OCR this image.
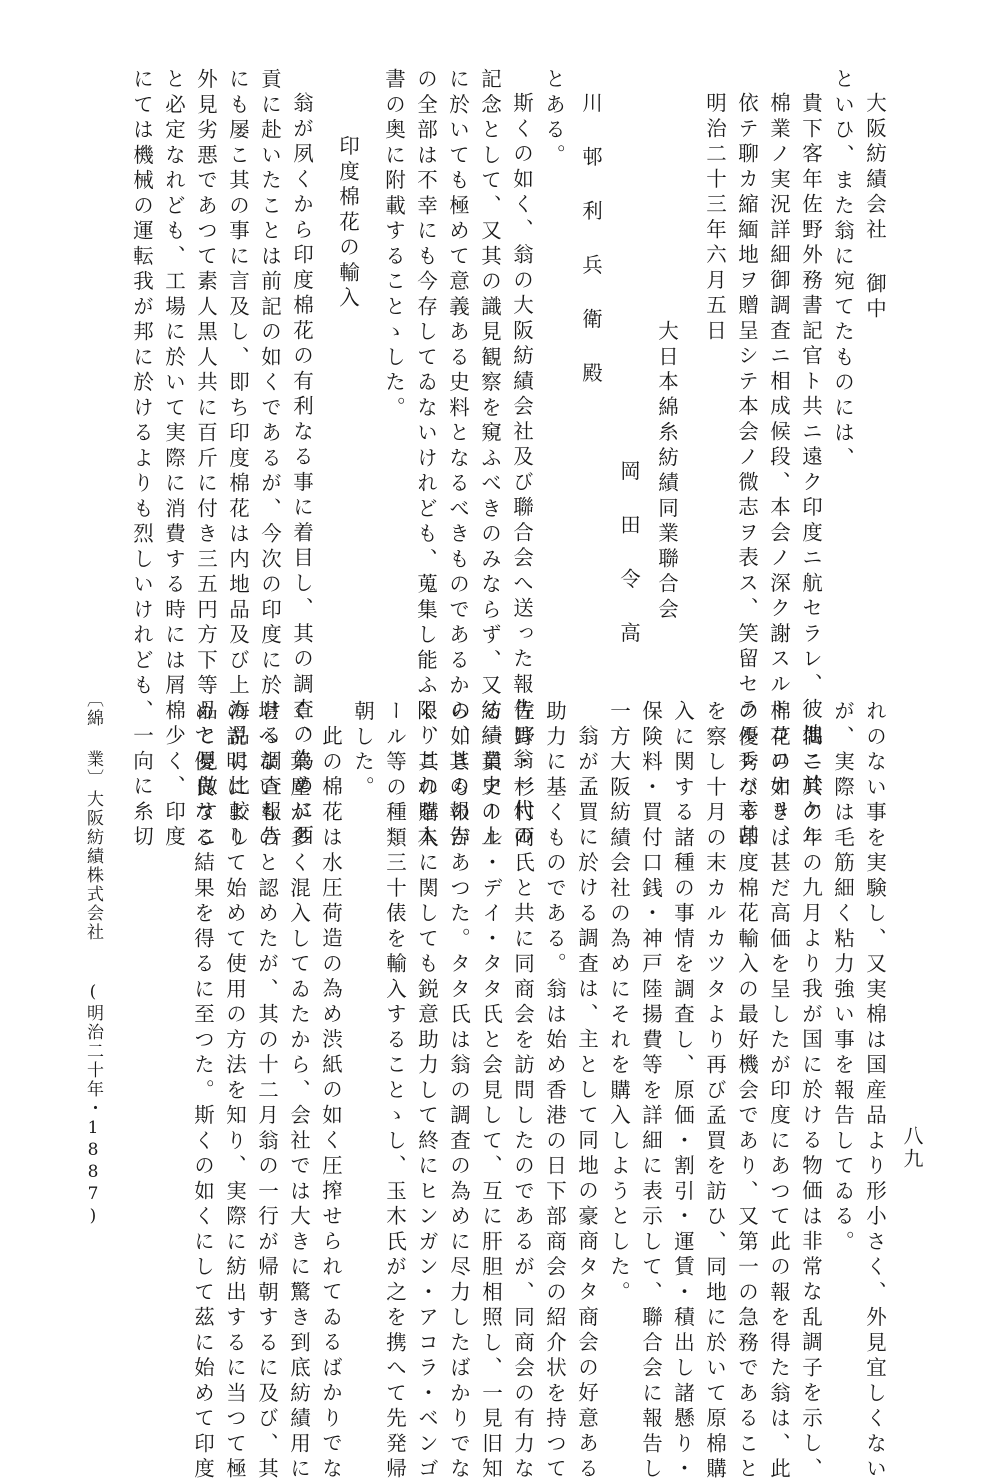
大阪紡績会社 御中
といひ、また翁に宛てたものには、
貴下客年佐野外務書記官ト共ニ遠ク印度ニ航セラレ、彼地ニ於ケル
棉業ノ実況詳細御調査ニ相成候段、本会ノ深ク謝スルトコロナリ、
依テ聊カ縮緬地ヲ贈呈シテ本会ノ微志ヲ表ス、笑留セラルレバ幸甚
明治二十三年六月五日
大日本綿糸紡績同業聯合会
岡 田 令 高
川 邨 利 兵 衛 殿
とある。
斯くの如く、翁の大阪紡績会社及び聯合会へ送った報告は翁一代の
記念として、又其の識見観察を窺ふべきのみならず、又紡績業史の上
に於いても極めて意義ある史料となるべきものであるから、其の報告
の全部は不幸にも今存してゐないけれども、蒐集し能ふ限りこれを本
書の奥に附載することゝした。
印度棉花の輸入
翁が夙くから印度棉花の有利なる事に着目し、其の調査の為めに西
貢に赴いたことは前記の如くであるが、今次の印度に於ける調査報告
にも屡こ其の事に言及し、即ち印度棉花は内地品及び上海品に比較し
外見劣悪であつて素人黒人共に百斤に付き三五円方下等品と見做すこ
と必定なれども、工場に於いて実際に消費する時には屑棉少く、印度
にては機械の運転我が邦に於けるよりも烈しいけれども、一向に糸切
〔綿 業〕
大阪紡績株式会社
(明治二十年・1887)	れのない事を実験し、又実棉は国産品より形小さく、外見宜しくない
が、実際は毛筋細く粘力強い事を報告してゐる。
偶こ其の年の九月より我が国に於ける物価は非常な乱調子を示し、
棉花の如きは甚だ高価を呈したが印度にあつて此の報を得た翁は、此
の優秀なる印度棉花輸入の最好機会であり、又第一の急務であること
を察し十月の末カルカツタより再び孟買を訪ひ、同地に於いて原棉購
入に関する諸種の事情を調査し、原価・割引・運賃・積出し諸懸り・
保険料・買付口銭・神戸陸揚費等を詳細に表示して、聯合会に報告し
一方大阪紡績会社の為めにそれを購入しようとした。
翁が孟買に於ける調査は、主として同地の豪商タタ商会の好意ある
助力に基くものである。翁は始め香港の日下部商会の紹介状を持つて
佐野・杉村両氏と共に同商会を訪問したのであるが、同商会の有力な
る一員アール・デイ・タタ氏と会見して、互に肝胆相照し、一見旧知
の如きものがあつた。タタ氏は翁の調査の為めに尽力したばかりでな
く、其の購入に関しても鋭意助力して終にヒンガン・アコラ・ベンゴ
ール等の種類三十俵を輸入することゝし、玉木氏が之を携へて先発帰
朝した。
此の棉花は水圧荷造の為め渋紙の如く圧搾せられてゐるばかりでな
く、葉塵が多く混入してゐたから、会社では大きに驚き到底紡績用に
堪へないものと認めたが、其の十二月翁の一行が帰朝するに及び、其
の説明によりて始めて使用の方法を知り、実際に紡出するに当つて極
めて優良なる結果を得るに至つた。斯くの如くにして茲に始めて印度	八九
